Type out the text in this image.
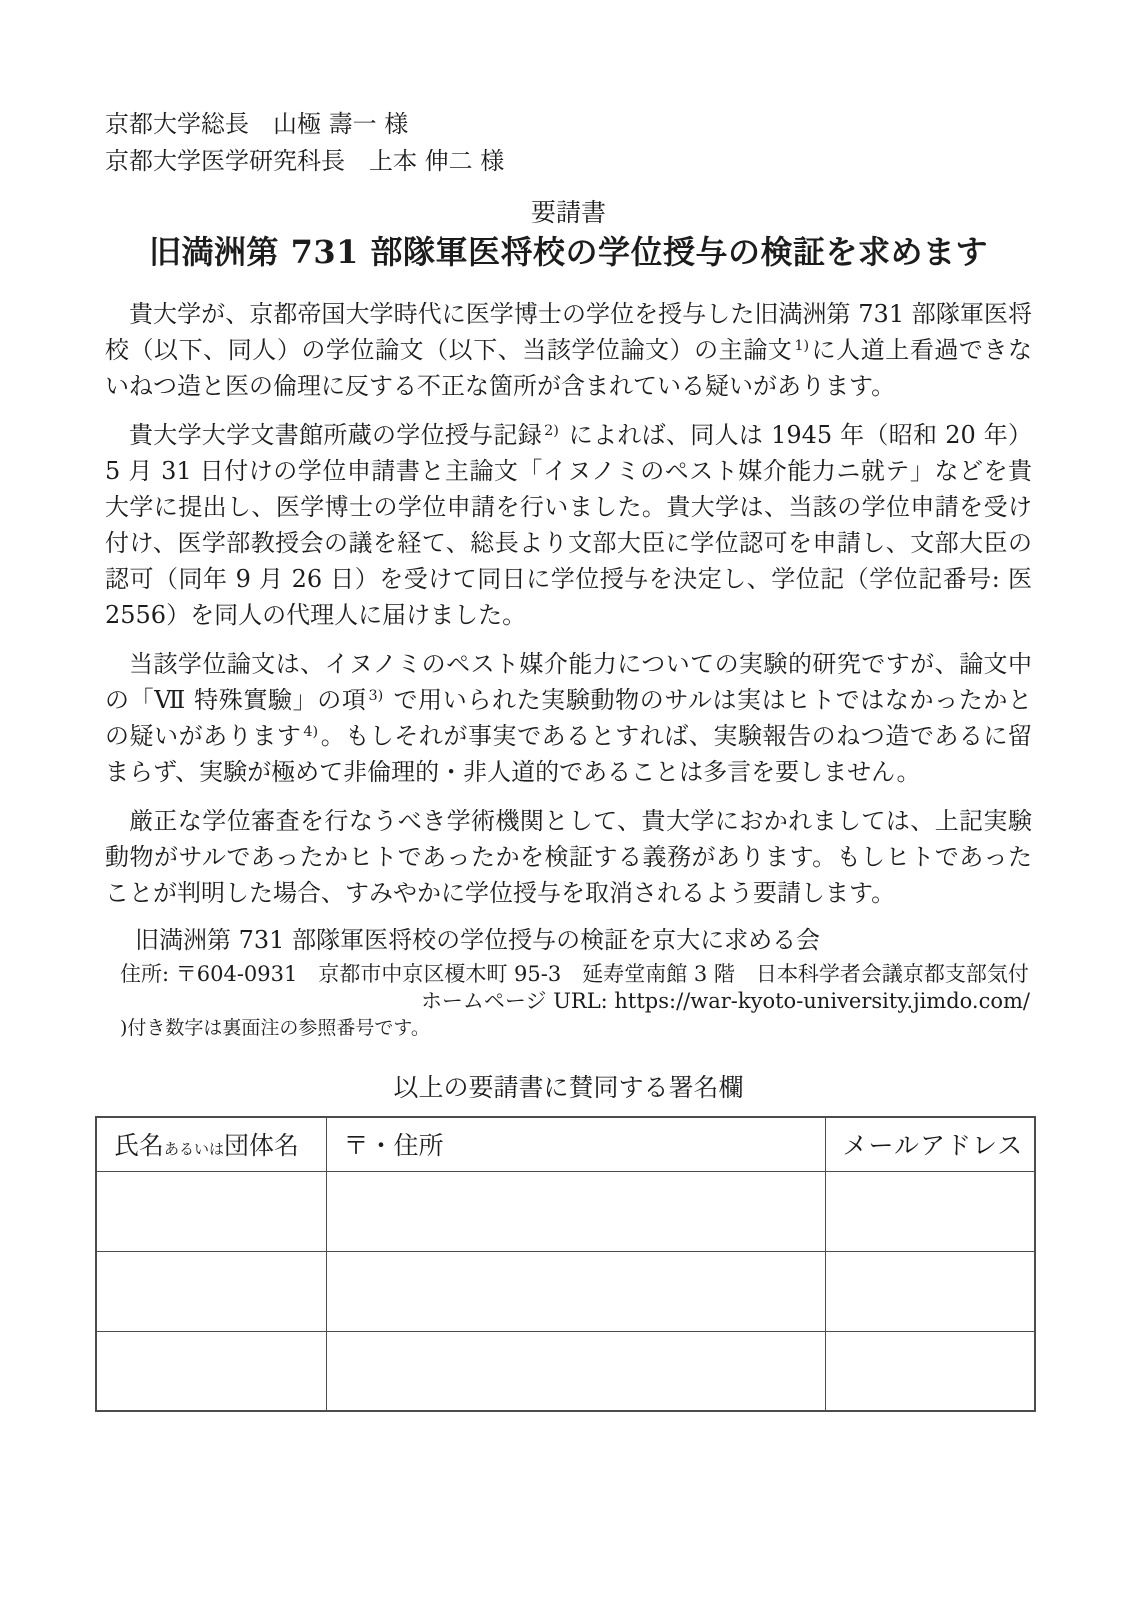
京都大学総長　山極 壽一 様
京都大学医学研究科長　上本 伸二 様
要請書
旧満洲第 731 部隊軍医将校の学位授与の検証を求めます

貴大学が、京都帝国大学時代に医学博士の学位を授与した旧満洲第 731 部隊軍医将校（以下、同人）の学位論文（以下、当該学位論文）の主論文 $^{1)}$に人道上看過できないねつ造と医の倫理に反する不正な箇所が含まれている疑いがあります。

貴大学大学文書館所蔵の学位授与記録 $^{2)}$ によれば、同人は 1945 年（昭和 20 年）5 月 31 日付けの学位申請書と主論文「イヌノミのペスト媒介能力ニ就テ」などを貴大学に提出し、医学博士の学位申請を行いました。貴大学は、当該の学位申請を受け付け、医学部教授会の議を経て、総長より文部大臣に学位認可を申請し、文部大臣の認可（同年 9 月 26 日）を受けて同日に学位授与を決定し、学位記（学位記番号: 医 2556）を同人の代理人に届けました。

当該学位論文は、イヌノミのペスト媒介能力についての実験的研究ですが、論文中の「Ⅶ 特殊實驗」の項 $^{3)}$ で用いられた実験動物のサルは実はヒトではなかったかとの疑いがあります $^{4)}$。もしそれが事実であるとすれば、実験報告のねつ造であるに留まらず、実験が極めて非倫理的・非人道的であることは多言を要しません。

厳正な学位審査を行なうべき学術機関として、貴大学におかれましては、上記実験動物がサルであったかヒトであったかを検証する義務があります。もしヒトであったことが判明した場合、すみやかに学位授与を取消されるよう要請します。

旧満洲第 731 部隊軍医将校の学位授与の検証を京大に求める会
住所: 〒604-0931　京都市中京区榎木町 95-3　延寿堂南館 3 階　日本科学者会議京都支部気付
ホームページ URL: https://war-kyoto-university.jimdo.com/
)付き数字は裏面注の参照番号です。
以上の要請書に賛同する署名欄
氏名あるいは団体名	〒・住所	メールアドレス
